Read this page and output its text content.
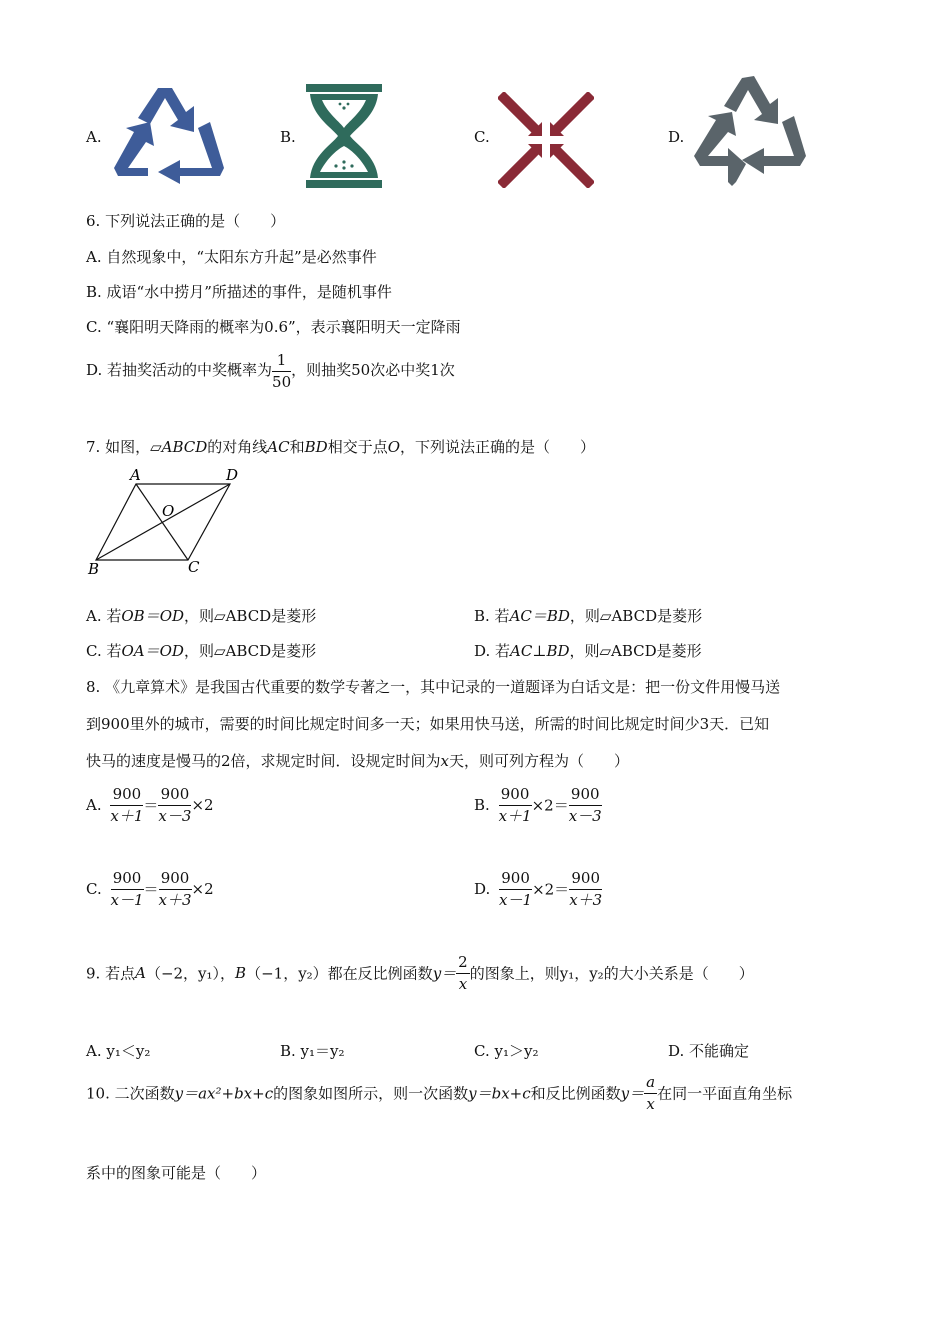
A.	B.	C.	D.
6. 下列说法正确的是（　　）
A. 自然现象中，“太阳东方升起”是必然事件
B. 成语“水中捞月”所描述的事件，是随机事件
C. “襄阳明天降雨的概率为0.6”，表示襄阳明天一定降雨
D. 若抽奖活动的中奖概率为 $\frac{1}{50}$ ，则抽奖50次必中奖1次
7. 如图，▱ABCD的对角线AC和BD相交于点O，下列说法正确的是（　　）
A	D
O
B	C
A. 若OB＝OD，则▱ABCD是菱形	B. 若AC＝BD，则▱ABCD是菱形
C. 若OA＝OD，则▱ABCD是菱形	D. 若AC⊥BD，则▱ABCD是菱形
8. 《九章算术》是我国古代重要的数学专著之一，其中记录的一道题译为白话文是：把一份文件用慢马送
到900里外的城市，需要的时间比规定时间多一天；如果用快马送，所需的时间比规定时间少3天．已知
快马的速度是慢马的2倍，求规定时间．设规定时间为x天，则可列方程为（　　）
A. $\frac{900}{x+1} = \frac{900}{x-3} \times 2$	B. $\frac{900}{x+1} \times 2= \frac{900}{x-3}$
C. $\frac{900}{x-1} = \frac{900}{x+3} \times 2$	D. $\frac{900}{x-1} \times 2= \frac{900}{x+3}$
9. 若点A（−2，y₁），B（−1，y₂）都在反比例函数$y= \frac{2}{x}$ 的图象上，则y₁，y₂的大小关系是（　　）
A. y₁＜y₂	B. y₁＝y₂	C. y₁＞y₂	D. 不能确定
10. 二次函数y＝ax²+bx+c的图象如图所示，则一次函数y＝bx+c和反比例函数$y= \frac{a}{x}$ 在同一平面直角坐标
系中的图象可能是（　　）
